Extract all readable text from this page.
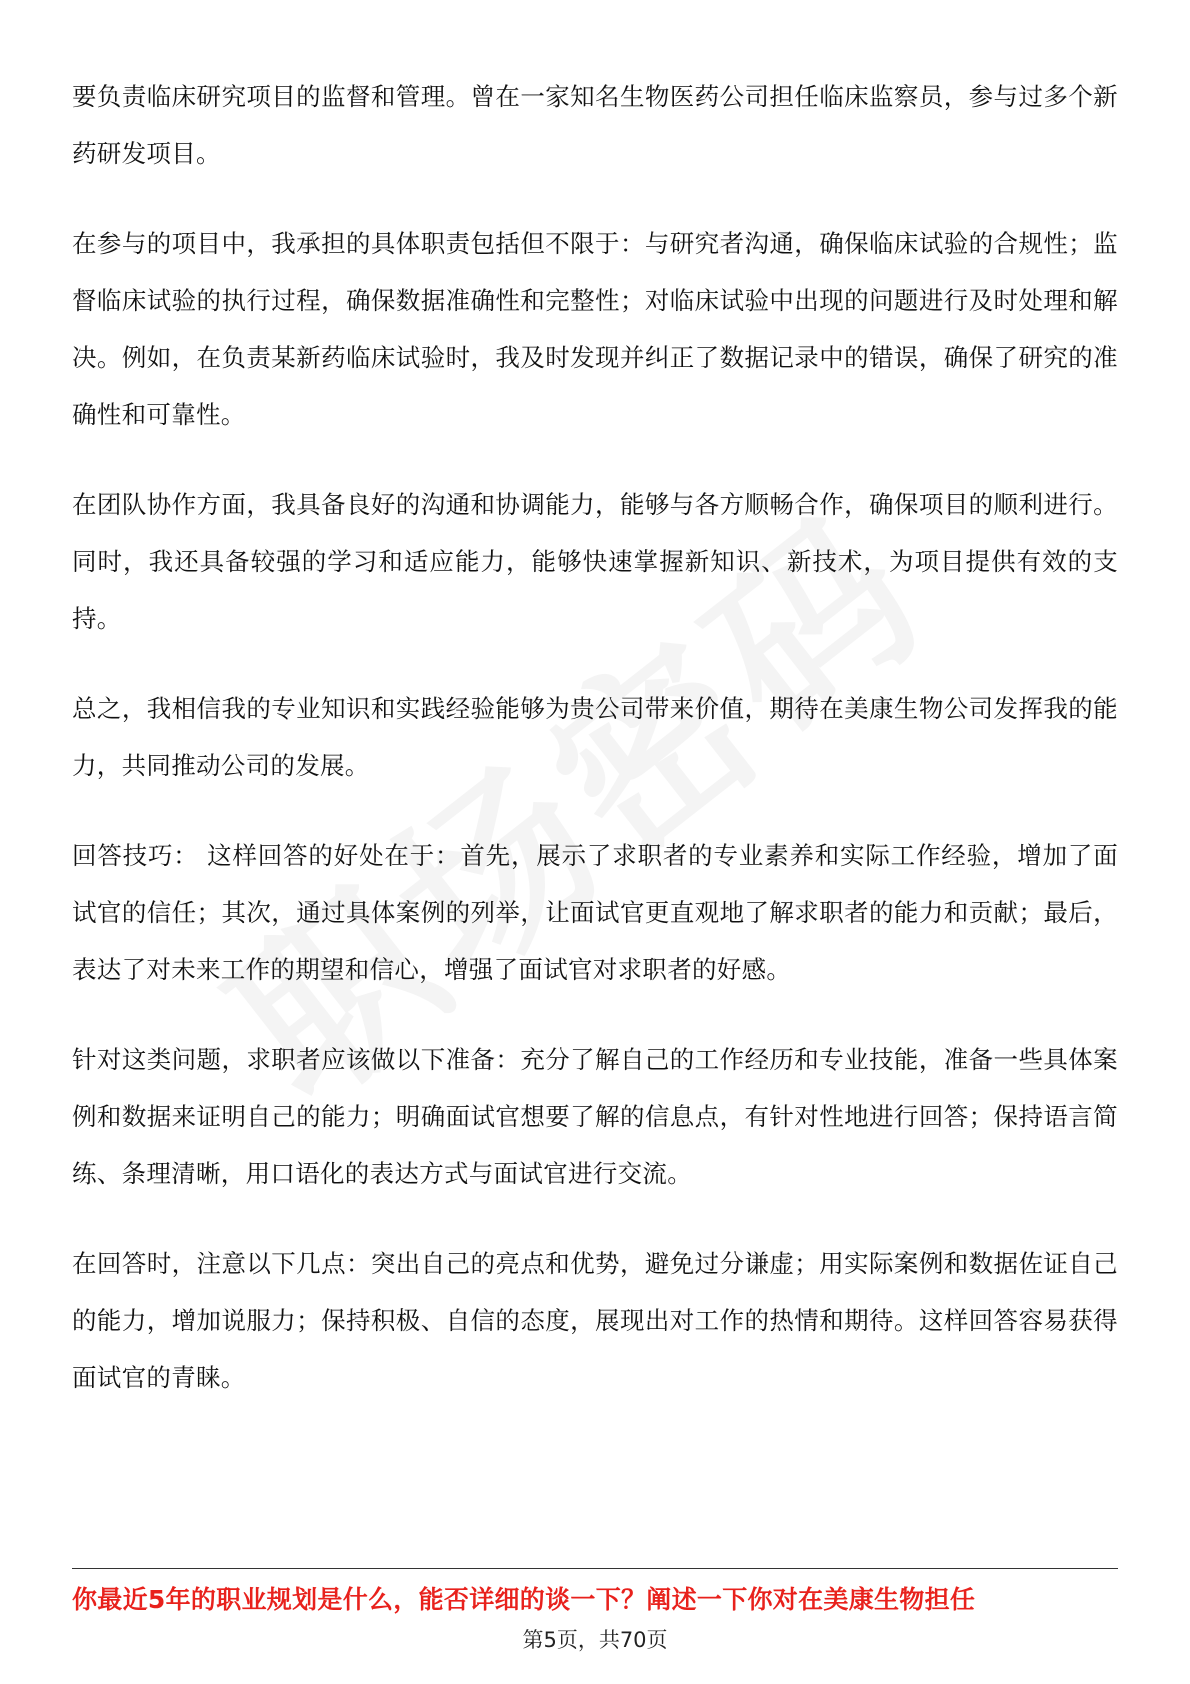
要负责临床研究项目的监督和管理。曾在一家知名生物医药公司担任临床监察员，参与过多个新药研发项目。

在参与的项目中，我承担的具体职责包括但不限于：与研究者沟通，确保临床试验的合规性；监督临床试验的执行过程，确保数据准确性和完整性；对临床试验中出现的问题进行及时处理和解决。例如，在负责某新药临床试验时，我及时发现并纠正了数据记录中的错误，确保了研究的准确性和可靠性。

在团队协作方面，我具备良好的沟通和协调能力，能够与各方顺畅合作，确保项目的顺利进行。同时，我还具备较强的学习和适应能力，能够快速掌握新知识、新技术，为项目提供有效的支持。

总之，我相信我的专业知识和实践经验能够为贵公司带来价值，期待在美康生物公司发挥我的能力，共同推动公司的发展。

回答技巧： 这样回答的好处在于：首先，展示了求职者的专业素养和实际工作经验，增加了面试官的信任；其次，通过具体案例的列举，让面试官更直观地了解求职者的能力和贡献；最后，表达了对未来工作的期望和信心，增强了面试官对求职者的好感。

针对这类问题，求职者应该做以下准备：充分了解自己的工作经历和专业技能，准备一些具体案例和数据来证明自己的能力；明确面试官想要了解的信息点，有针对性地进行回答；保持语言简练、条理清晰，用口语化的表达方式与面试官进行交流。

在回答时，注意以下几点：突出自己的亮点和优势，避免过分谦虚；用实际案例和数据佐证自己的能力，增加说服力；保持积极、自信的态度，展现出对工作的热情和期待。这样回答容易获得面试官的青睐。

你最近5年的职业规划是什么，能否详细的谈一下？阐述一下你对在美康生物担任
第5页，共70页
